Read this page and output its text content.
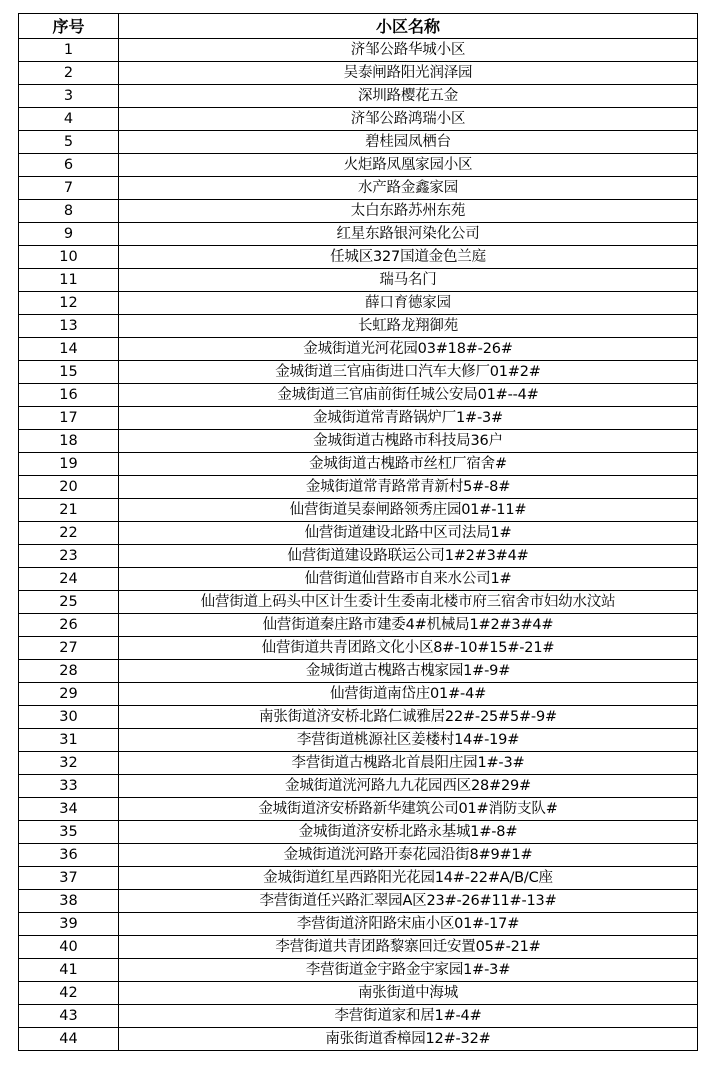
序号	小区名称
1	济邹公路华城小区
2	吴泰闸路阳光润泽园
3	深圳路樱花五金
4	济邹公路鸿瑞小区
5	碧桂园凤栖台
6	火炬路凤凰家园小区
7	水产路金鑫家园
8	太白东路苏州东苑
9	红星东路银河染化公司
10	任城区327国道金色兰庭
11	瑞马名门
12	薛口育德家园
13	长虹路龙翔御苑
14	金城街道光河花园03#18#-26#
15	金城街道三官庙街进口汽车大修厂01#2#
16	金城街道三官庙前街任城公安局01#--4#
17	金城街道常青路锅炉厂1#-3#
18	金城街道古槐路市科技局36户
19	金城街道古槐路市丝杠厂宿舍#
20	金城街道常青路常青新村5#-8#
21	仙营街道吴泰闸路领秀庄园01#-11#
22	仙营街道建设北路中区司法局1#
23	仙营街道建设路联运公司1#2#3#4#
24	仙营街道仙营路市自来水公司1#
25	仙营街道上码头中区计生委计生委南北楼市府三宿舍市妇幼水汶站
26	仙营街道秦庄路市建委4#机械局1#2#3#4#
27	仙营街道共青团路文化小区8#-10#15#-21#
28	金城街道古槐路古槐家园1#-9#
29	仙营街道南岱庄01#-4#
30	南张街道济安桥北路仁诚雅居22#-25#5#-9#
31	李营街道桃源社区姜楼村14#-19#
32	李营街道古槐路北首晨阳庄园1#-3#
33	金城街道洸河路九九花园西区28#29#
34	金城街道济安桥路新华建筑公司01#消防支队#
35	金城街道济安桥北路永基城1#-8#
36	金城街道洸河路开泰花园沿街8#9#1#
37	金城街道红星西路阳光花园14#-22#A/B/C座
38	李营街道任兴路汇翠园A区23#-26#11#-13#
39	李营街道济阳路宋庙小区01#-17#
40	李营街道共青团路黎寨回迁安置05#-21#
41	李营街道金宇路金宇家园1#-3#
42	南张街道中海城
43	李营街道家和居1#-4#
44	南张街道香樟园12#-32#
